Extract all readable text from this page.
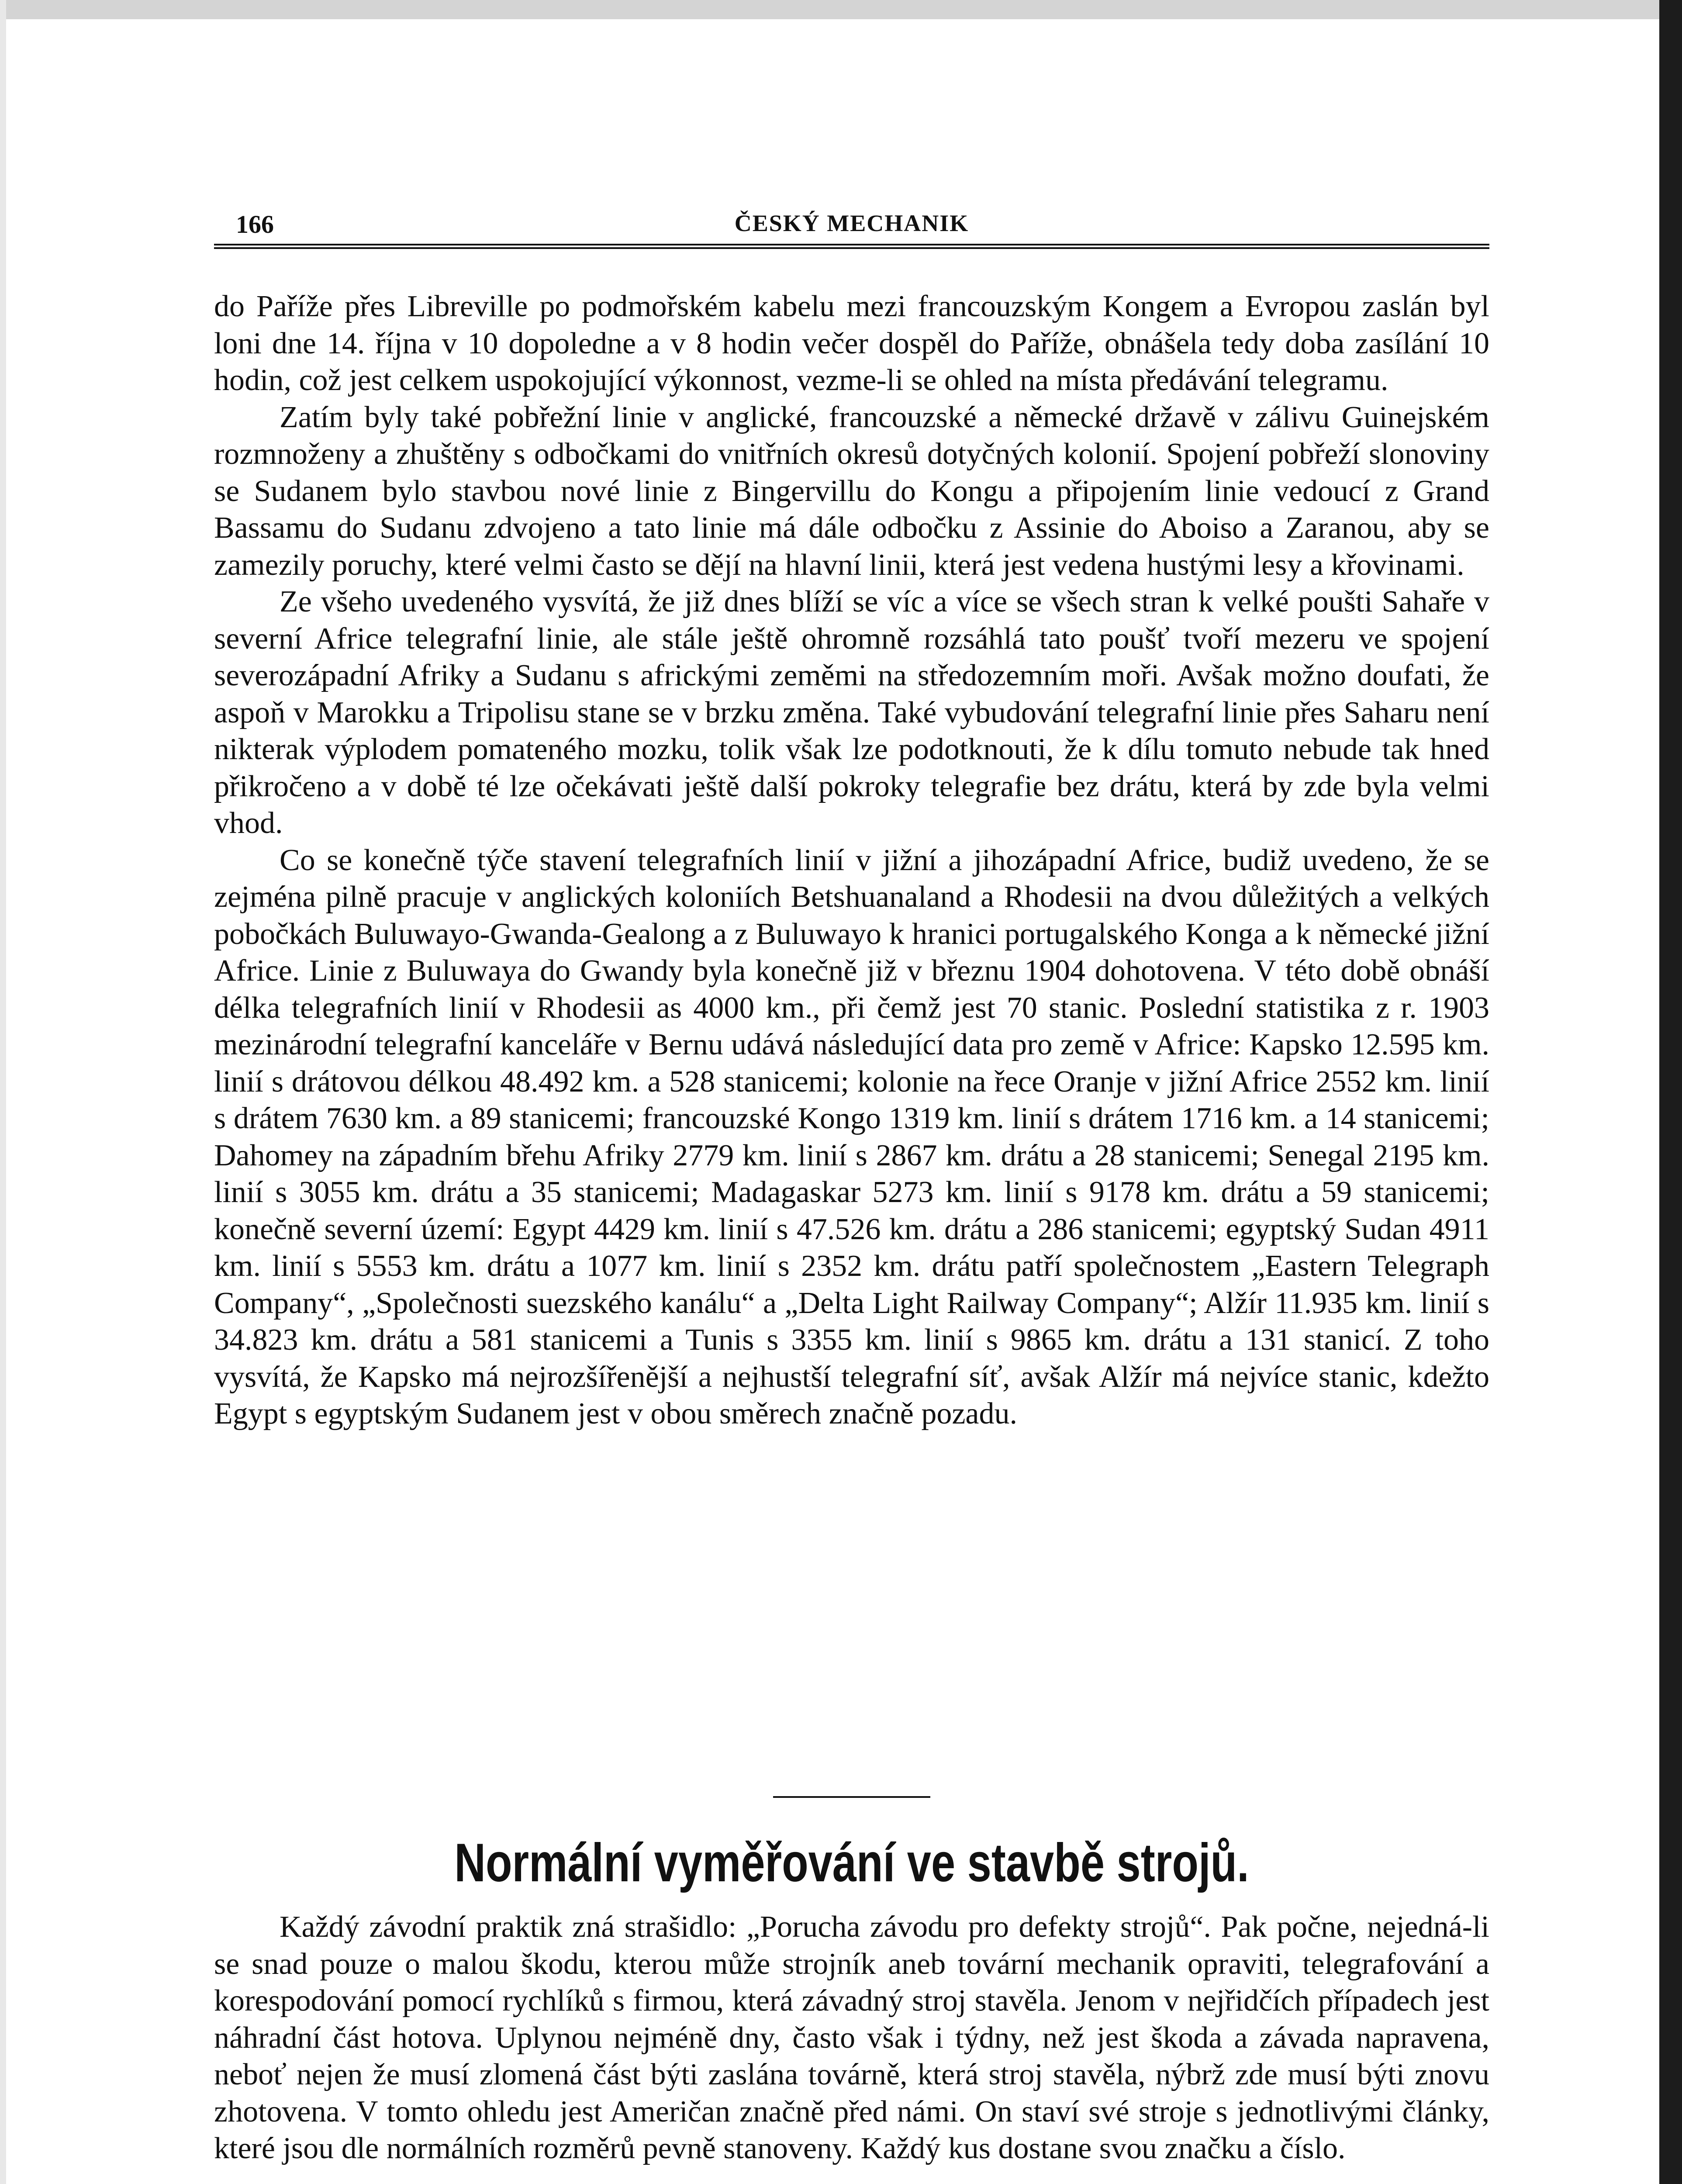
166	ČESKÝ MECHANIK

do Paříže přes Libreville po podmořském kabelu mezi francouzským Kongem a Evropou zaslán byl loni dne 14. října v 10 dopoledne a v 8 hodin večer dospěl do Paříže, obnášela tedy doba zasílání 10 hodin, což jest celkem uspokojující výkonnost, vezme-li se ohled na místa předávání telegramu.

Zatím byly také pobřežní linie v anglické, francouzské a německé državě v zálivu Guinejském rozmnoženy a zhuštěny s odbočkami do vnitřních okresů dotyčných kolonií. Spojení pobřeží slonoviny se Sudanem bylo stavbou nové linie z Bingervillu do Kongu a připojením linie vedoucí z Grand Bassamu do Sudanu zdvojeno a tato linie má dále odbočku z Assinie do Aboiso a Zaranou, aby se zamezily poruchy, které velmi často se dějí na hlavní linii, která jest vedena hustými lesy a křovinami.

Ze všeho uvedeného vysvítá, že již dnes blíží se víc a více se všech stran k velké poušti Sahaře v severní Africe telegrafní linie, ale stále ještě ohromně rozsáhlá tato poušť tvoří mezeru ve spojení severozápadní Afriky a Sudanu s africkými zeměmi na středozemním moři. Avšak možno doufati, že aspoň v Marokku a Tripolisu stane se v brzku změna. Také vybudování telegrafní linie přes Saharu není nikterak výplodem pomateného mozku, tolik však lze podotknouti, že k dílu tomuto nebude tak hned přikročeno a v době té lze očekávati ještě další pokroky telegrafie bez drátu, která by zde byla velmi vhod.

Co se konečně týče stavení telegrafních linií v jižní a jihozápadní Africe, budiž uvedeno, že se zejména pilně pracuje v anglických koloniích Betshuanaland a Rhodesii na dvou důležitých a velkých pobočkách Buluwayo-Gwanda-Gealong a z Buluwayo k hranici portugalského Konga a k německé jižní Africe. Linie z Buluwaya do Gwandy byla konečně již v březnu 1904 dohotovena. V této době obnáší délka telegrafních linií v Rhodesii as 4000 km., při čemž jest 70 stanic. Poslední statistika z r. 1903 mezinárodní telegrafní kanceláře v Bernu udává následující data pro země v Africe: Kapsko 12.595 km. linií s drátovou délkou 48.492 km. a 528 stanicemi; kolonie na řece Oranje v jižní Africe 2552 km. linií s drátem 7630 km. a 89 stanicemi; francouzské Kongo 1319 km. linií s drátem 1716 km. a 14 stanicemi; Dahomey na západním břehu Afriky 2779 km. linií s 2867 km. drátu a 28 stanicemi; Senegal 2195 km. linií s 3055 km. drátu a 35 stanicemi; Madagaskar 5273 km. linií s 9178 km. drátu a 59 stanicemi; konečně severní území: Egypt 4429 km. linií s 47.526 km. drátu a 286 stanicemi; egyptský Sudan 4911 km. linií s 5553 km. drátu a 1077 km. linií s 2352 km. drátu patří společnostem „Eastern Telegraph Company“, „Společnosti suezského kanálu“ a „Delta Light Railway Company“; Alžír 11.935 km. linií s 34.823 km. drátu a 581 stanicemi a Tunis s 3355 km. linií s 9865 km. drátu a 131 stanicí. Z toho vysvítá, že Kapsko má nejrozšířenější a nejhustší telegrafní síť, avšak Alžír má nejvíce stanic, kdežto Egypt s egyptským Sudanem jest v obou směrech značně pozadu.

Normální vyměřování ve stavbě strojů.

Každý závodní praktik zná strašidlo: „Porucha závodu pro defekty strojů“. Pak počne, nejedná-li se snad pouze o malou škodu, kterou může strojník aneb tovární mechanik opraviti, telegrafování a korespodování pomocí rychlíků s firmou, která závadný stroj stavěla. Jenom v nejřidčích případech jest náhradní část hotova. Uplynou nejméně dny, často však i týdny, než jest škoda a závada napravena, neboť nejen že musí zlomená část býti zaslána továrně, která stroj stavěla, nýbrž zde musí býti znovu zhotovena. V tomto ohledu jest Američan značně před námi. On staví své stroje s jednotlivými články, které jsou dle normálních rozměrů pevně stanoveny. Každý kus dostane svou značku a číslo.
